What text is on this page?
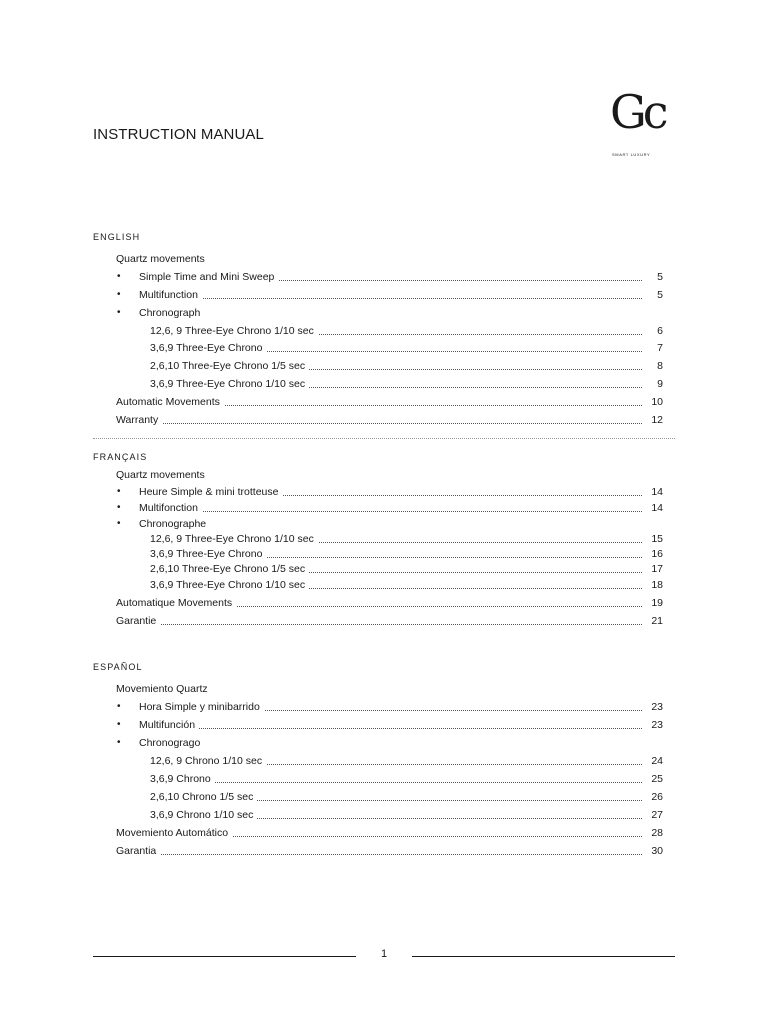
INSTRUCTION MANUAL	Gc
SMART LUXURY
ENGLISH
Quartz movements
• Simple Time and Mini Sweep	5
• Multifunction	5
• Chronograph
12,6, 9 Three-Eye Chrono 1/10 sec	6
3,6,9 Three-Eye Chrono	7
2,6,10 Three-Eye Chrono 1/5 sec	8
3,6,9 Three-Eye Chrono 1/10 sec	9
Automatic Movements	10
Warranty	12
FRANÇAIS
Quartz movements
• Heure Simple & mini trotteuse	14
• Multifonction	14
• Chronographe
12,6, 9 Three-Eye Chrono 1/10 sec	15
3,6,9 Three-Eye Chrono	16
2,6,10 Three-Eye Chrono 1/5 sec	17
3,6,9 Three-Eye Chrono 1/10 sec	18
Automatique Movements	19
Garantie	21
ESPAÑOL
Movemiento Quartz
• Hora Simple y minibarrido	23
• Multifunción	23
• Chronogrago
12,6, 9 Chrono 1/10 sec	24
3,6,9 Chrono	25
2,6,10 Chrono 1/5 sec	26
3,6,9 Chrono 1/10 sec	27
Movemiento Automático	28
Garantia	30
1
